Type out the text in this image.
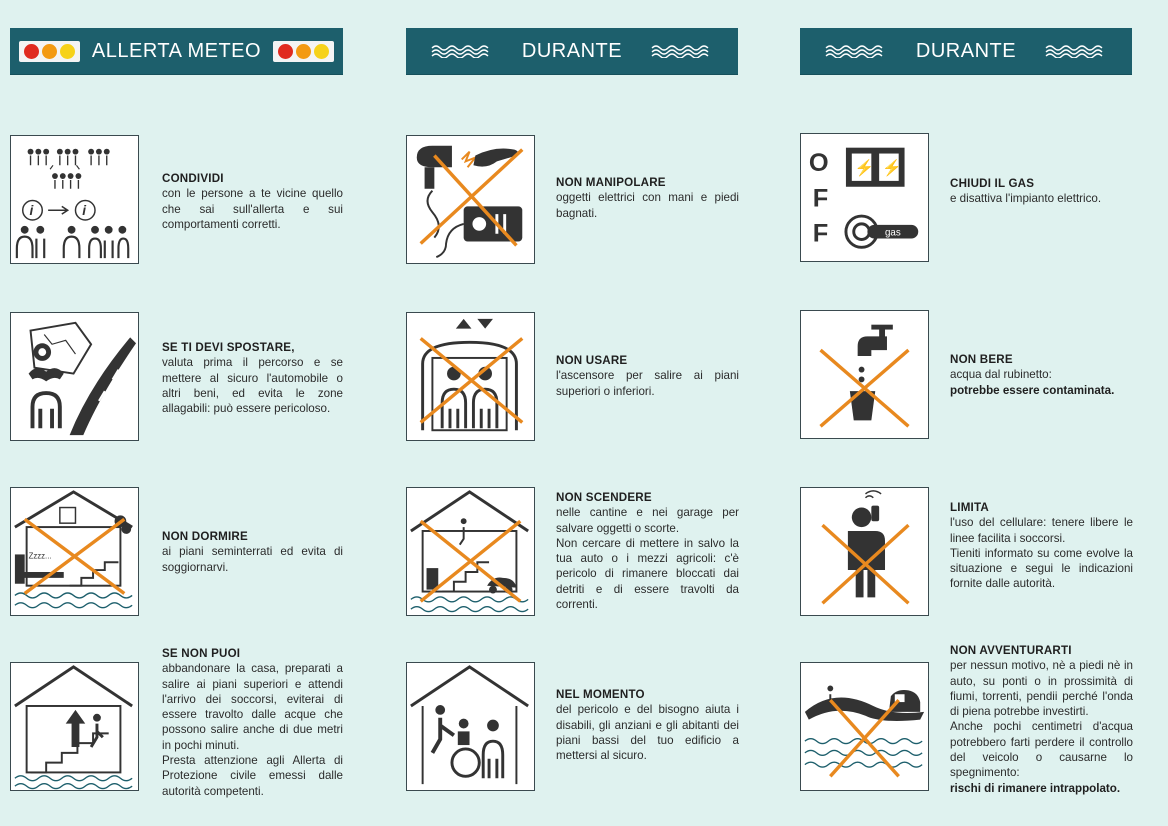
ALLERTA METEO	DURANTE	DURANTE
i	i
CONDIVIDI
con le persone a te vicine quello che sai sull'allerta e sui comportamenti corretti.
SE TI DEVI SPOSTARE,
valuta prima il percorso e se mettere al sicuro l'automobile o altri beni, ed evita le zone allagabili: può essere pericoloso.
Zzzz...
NON DORMIRE
ai piani seminterrati ed evita di soggiornarvi.
SE NON PUOI
abbandonare la casa, preparati a salire ai piani superiori e attendi l'arrivo dei soccorsi, eviterai di essere travolto dalle acque che possono salire anche di due metri in pochi minuti.
Presta attenzione agli Allerta di Protezione civile emessi dalle autorità competenti.
NON MANIPOLARE
oggetti elettrici con mani e piedi bagnati.
NON USARE
l'ascensore per salire ai piani superiori o inferiori.
NON SCENDERE
nelle cantine e nei garage per salvare oggetti o scorte.
Non cercare di mettere in salvo la tua auto o i mezzi agricoli: c'è pericolo di rimanere bloccati dai detriti e di essere travolti da correnti.
NEL MOMENTO
del pericolo e del bisogno aiuta i disabili, gli anziani e gli abitanti dei piani bassi del tuo edificio a mettersi al sicuro.
O
F
F
⚡ ⚡
gas
CHIUDI IL GAS
e disattiva l'impianto elettrico.
NON BERE
acqua dal rubinetto:
potrebbe essere contaminata.
LIMITA
l'uso del cellulare: tenere libere le linee facilita i soccorsi.
Tieniti informato su come evolve la situazione e segui le indicazioni fornite dalle autorità.
NON AVVENTURARTI
per nessun motivo, nè a piedi nè in auto, su ponti o in prossimità di fiumi, torrenti, pendii perché l'onda di piena potrebbe investirti.
Anche pochi centimetri d'acqua potrebbero farti perdere il controllo del veicolo o causarne lo spegnimento:
rischi di rimanere intrappolato.
